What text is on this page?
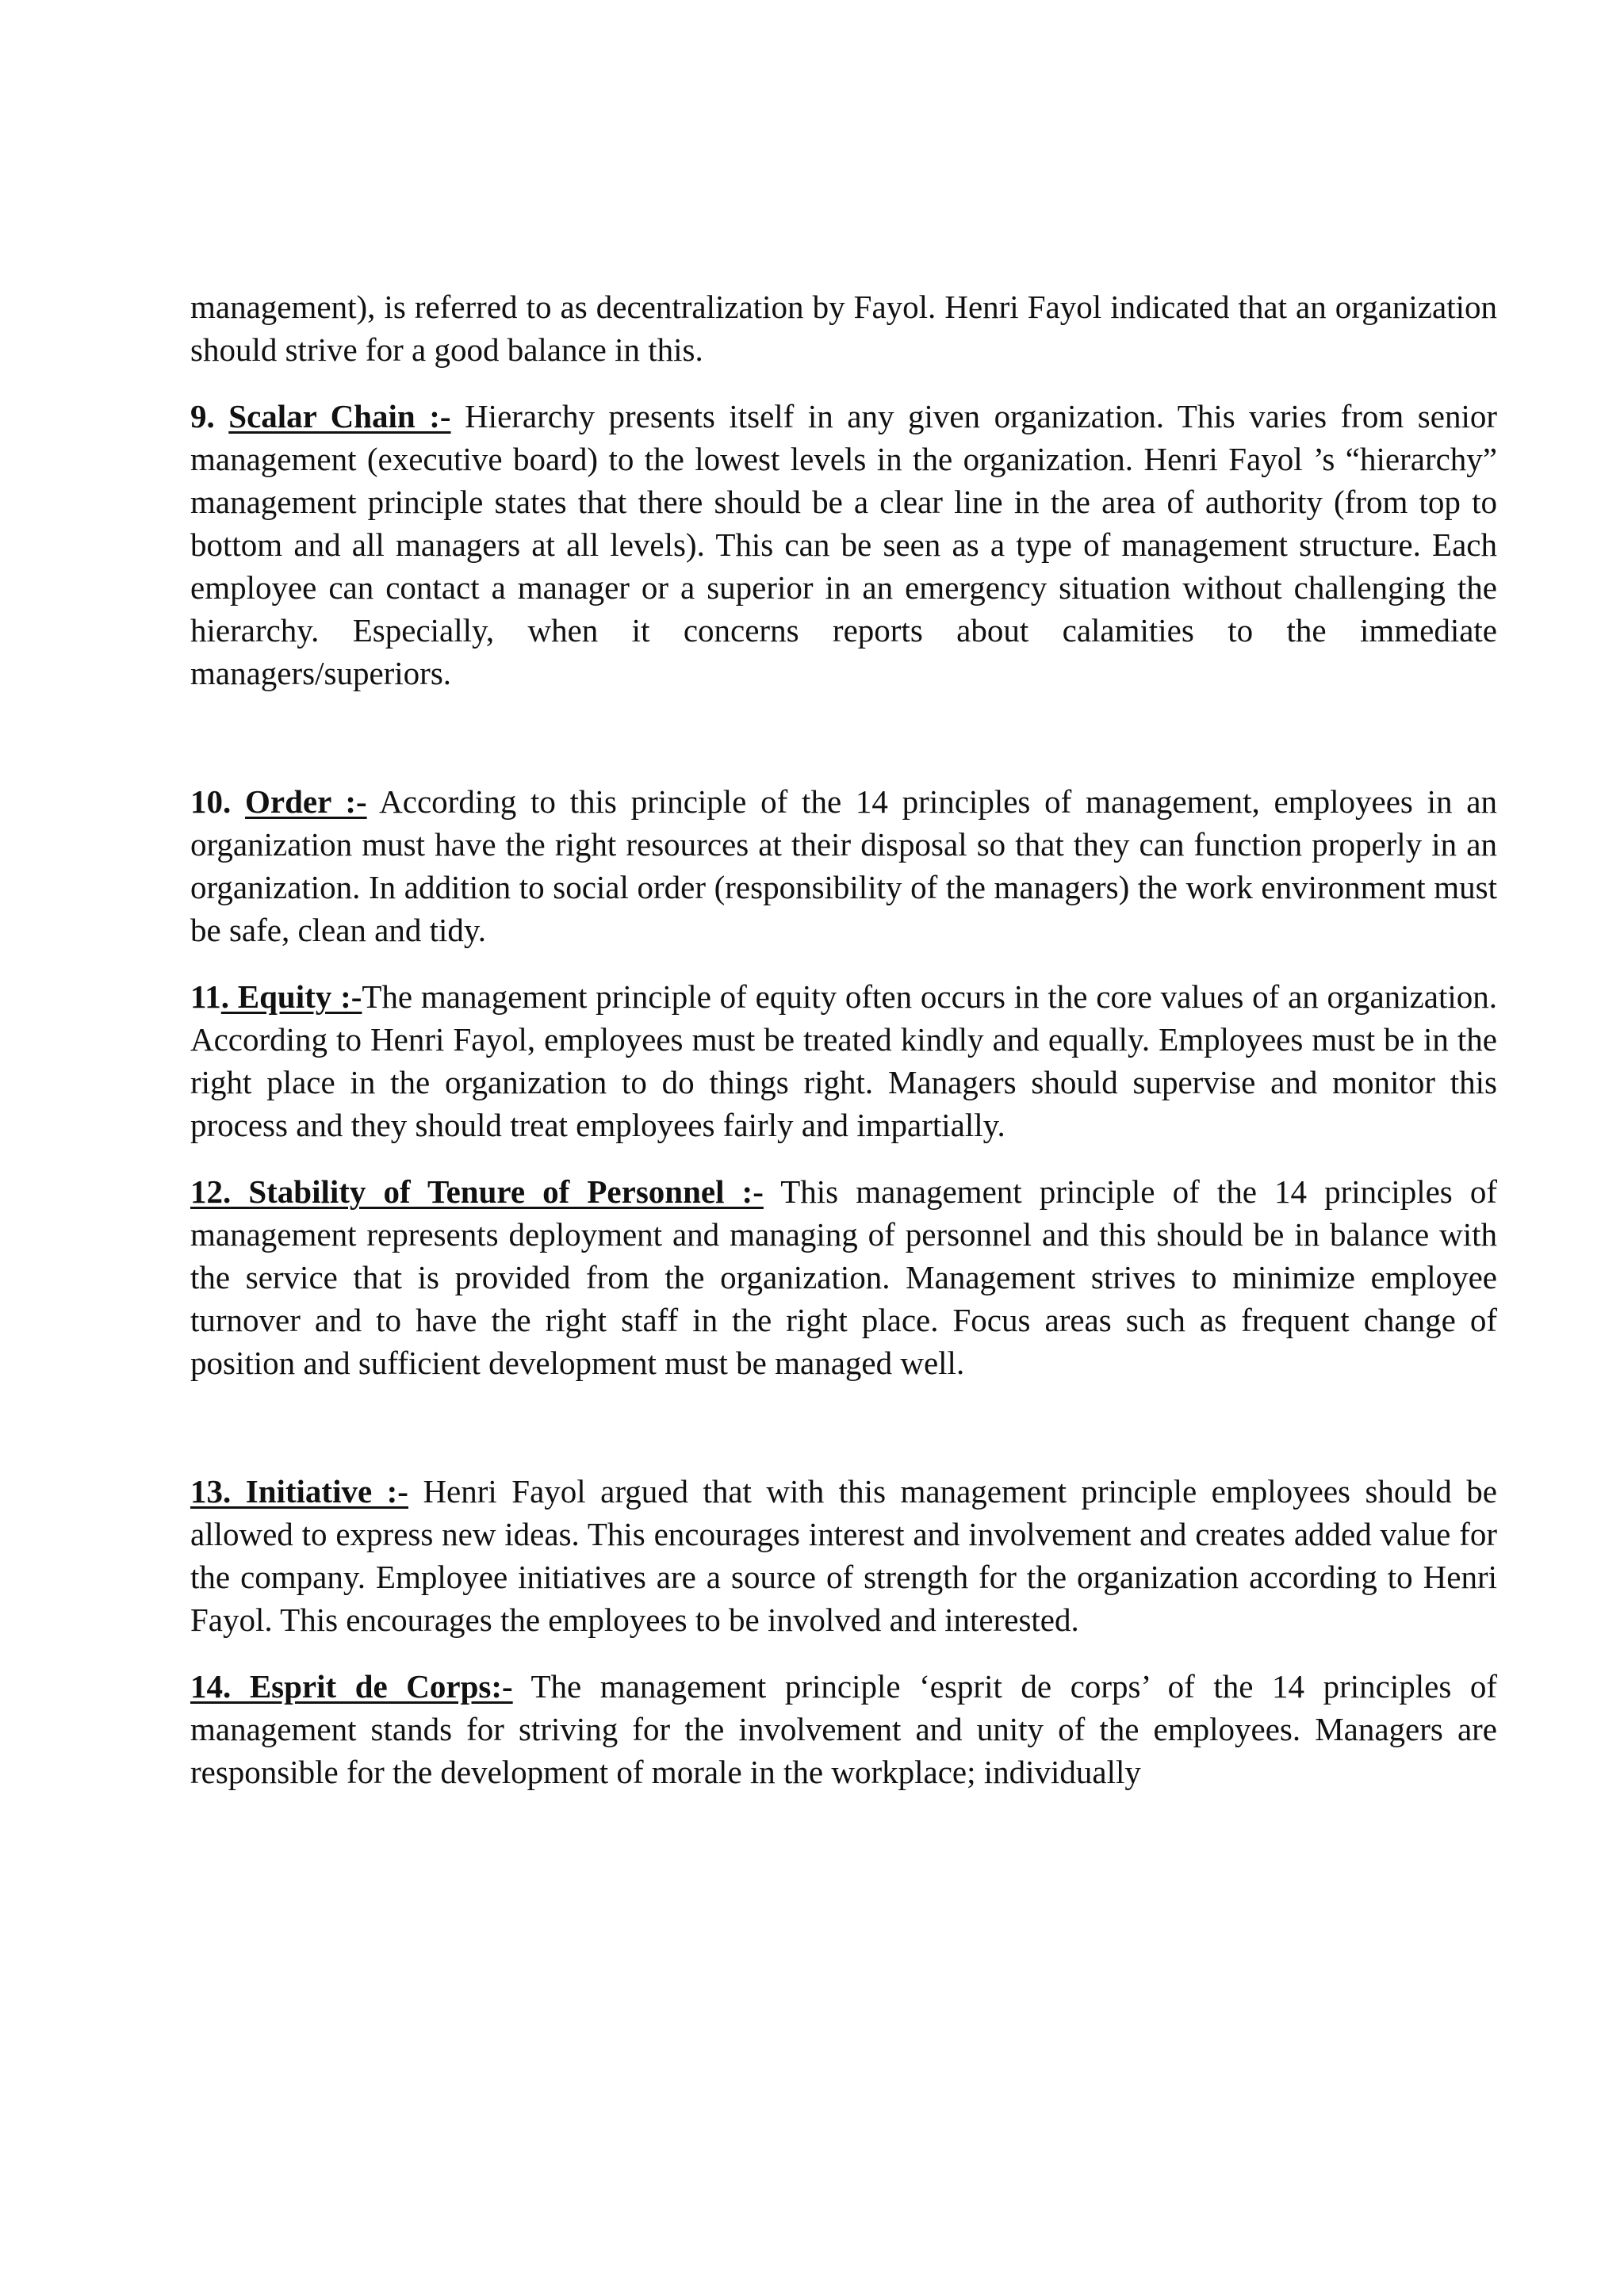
management), is referred to as decentralization by Fayol. Henri Fayol indicated that an organization should strive for a good balance in this.

9. Scalar Chain :- Hierarchy presents itself in any given organization. This varies from senior management (executive board) to the lowest levels in the organization. Henri Fayol ’s “hierarchy” management principle states that there should be a clear line in the area of authority (from top to bottom and all managers at all levels). This can be seen as a type of management structure. Each employee can contact a manager or a superior in an emergency situation without challenging the hierarchy. Especially, when it concerns reports about calamities to the immediate managers/superiors.

10. Order :- According to this principle of the 14 principles of management, employees in an organization must have the right resources at their disposal so that they can function properly in an organization. In addition to social order (responsibility of the managers) the work environment must be safe, clean and tidy.

11. Equity :-The management principle of equity often occurs in the core values of an organization. According to Henri Fayol, employees must be treated kindly and equally. Employees must be in the right place in the organization to do things right. Managers should supervise and monitor this process and they should treat employees fairly and impartially.

12. Stability of Tenure of Personnel :- This management principle of the 14 principles of management represents deployment and managing of personnel and this should be in balance with the service that is provided from the organization. Management strives to minimize employee turnover and to have the right staff in the right place. Focus areas such as frequent change of position and sufficient development must be managed well.

13. Initiative :- Henri Fayol argued that with this management principle employees should be allowed to express new ideas. This encourages interest and involvement and creates added value for the company. Employee initiatives are a source of strength for the organization according to Henri Fayol. This encourages the employees to be involved and interested.

14. Esprit de Corps:- The management principle ‘esprit de corps’ of the 14 principles of management stands for striving for the involvement and unity of the employees. Managers are responsible for the development of morale in the workplace; individually
